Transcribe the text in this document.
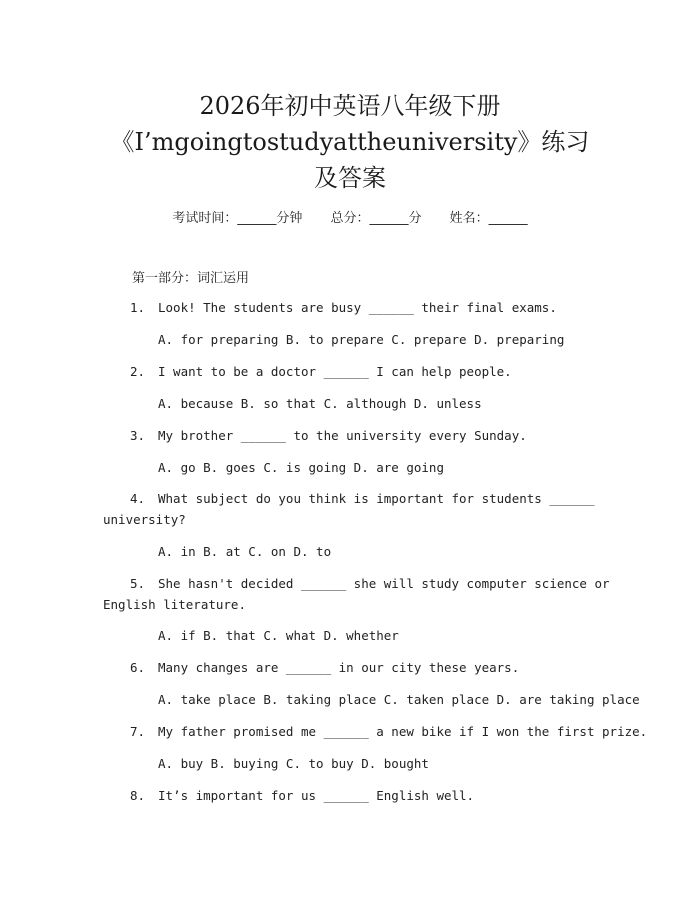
2026年初中英语八年级下册
《I’mgoingtostudyattheuniversity》练习
及答案
考试时间：______分钟 总分：______分 姓名：______
第一部分：词汇运用
1. Look! The students are busy ______ their final exams.
A. for preparing B. to prepare C. prepare D. preparing
2. I want to be a doctor ______ I can help people.
A. because B. so that C. although D. unless
3. My brother ______ to the university every Sunday.
A. go B. goes C. is going D. are going
4. What subject do you think is important for students ______
university?
A. in B. at C. on D. to
5. She hasn't decided ______ she will study computer science or
English literature.
A. if B. that C. what D. whether
6. Many changes are ______ in our city these years.
A. take place B. taking place C. taken place D. are taking place
7. My father promised me ______ a new bike if I won the first prize.
A. buy B. buying C. to buy D. bought
8. It’s important for us ______ English well.
